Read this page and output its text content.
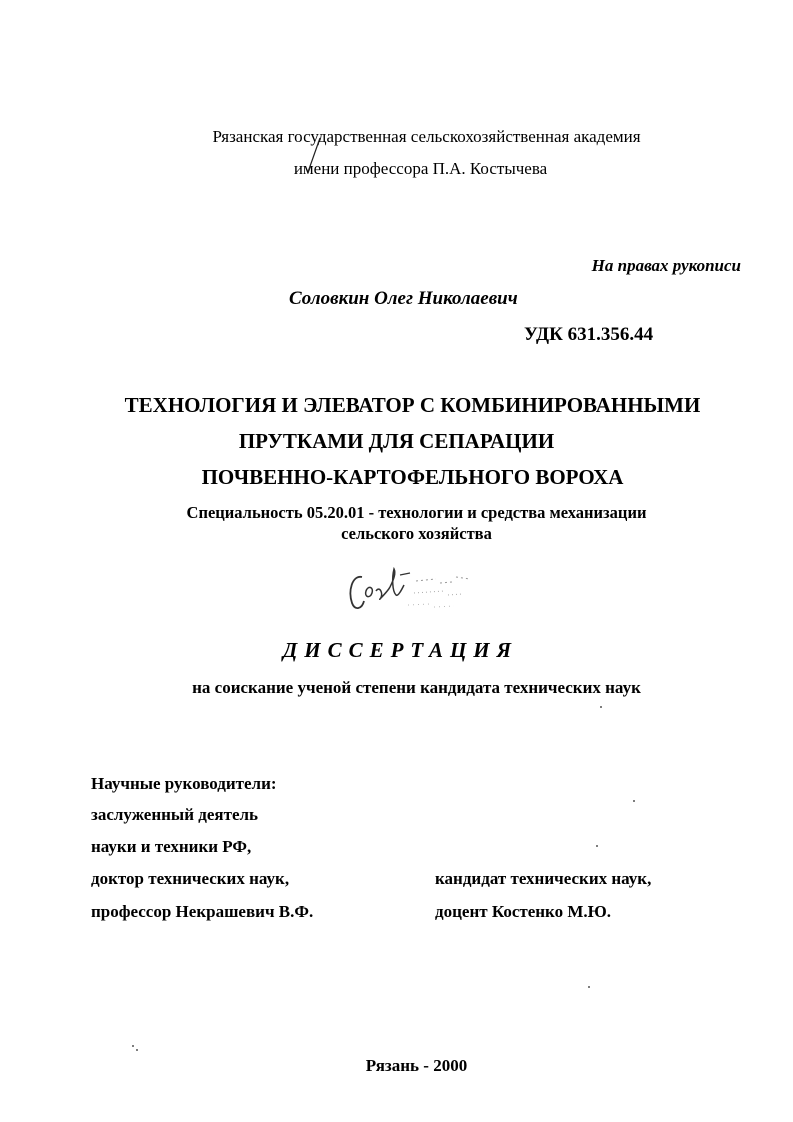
Рязанская государственная сельскохозяйственная академия
имени профессора П.А. Костычева
На правах рукописи
Соловкин Олег Николаевич
УДК 631.356.44
ТЕХНОЛОГИЯ И ЭЛЕВАТОР С КОМБИНИРОВАННЫМИ
ПРУТКАМИ ДЛЯ СЕПАРАЦИИ
ПОЧВЕННО-КАРТОФЕЛЬНОГО ВОРОХА
Специальность 05.20.01 - технологии и средства механизации
сельского хозяйства
ДИССЕРТАЦИЯ
на соискание ученой степени кандидата технических наук
Научные руководители:
заслуженный деятель
науки и техники РФ,
доктор технических наук,
профессор Некрашевич В.Ф.
кандидат технических наук,
доцент Костенко М.Ю.
Рязань - 2000
